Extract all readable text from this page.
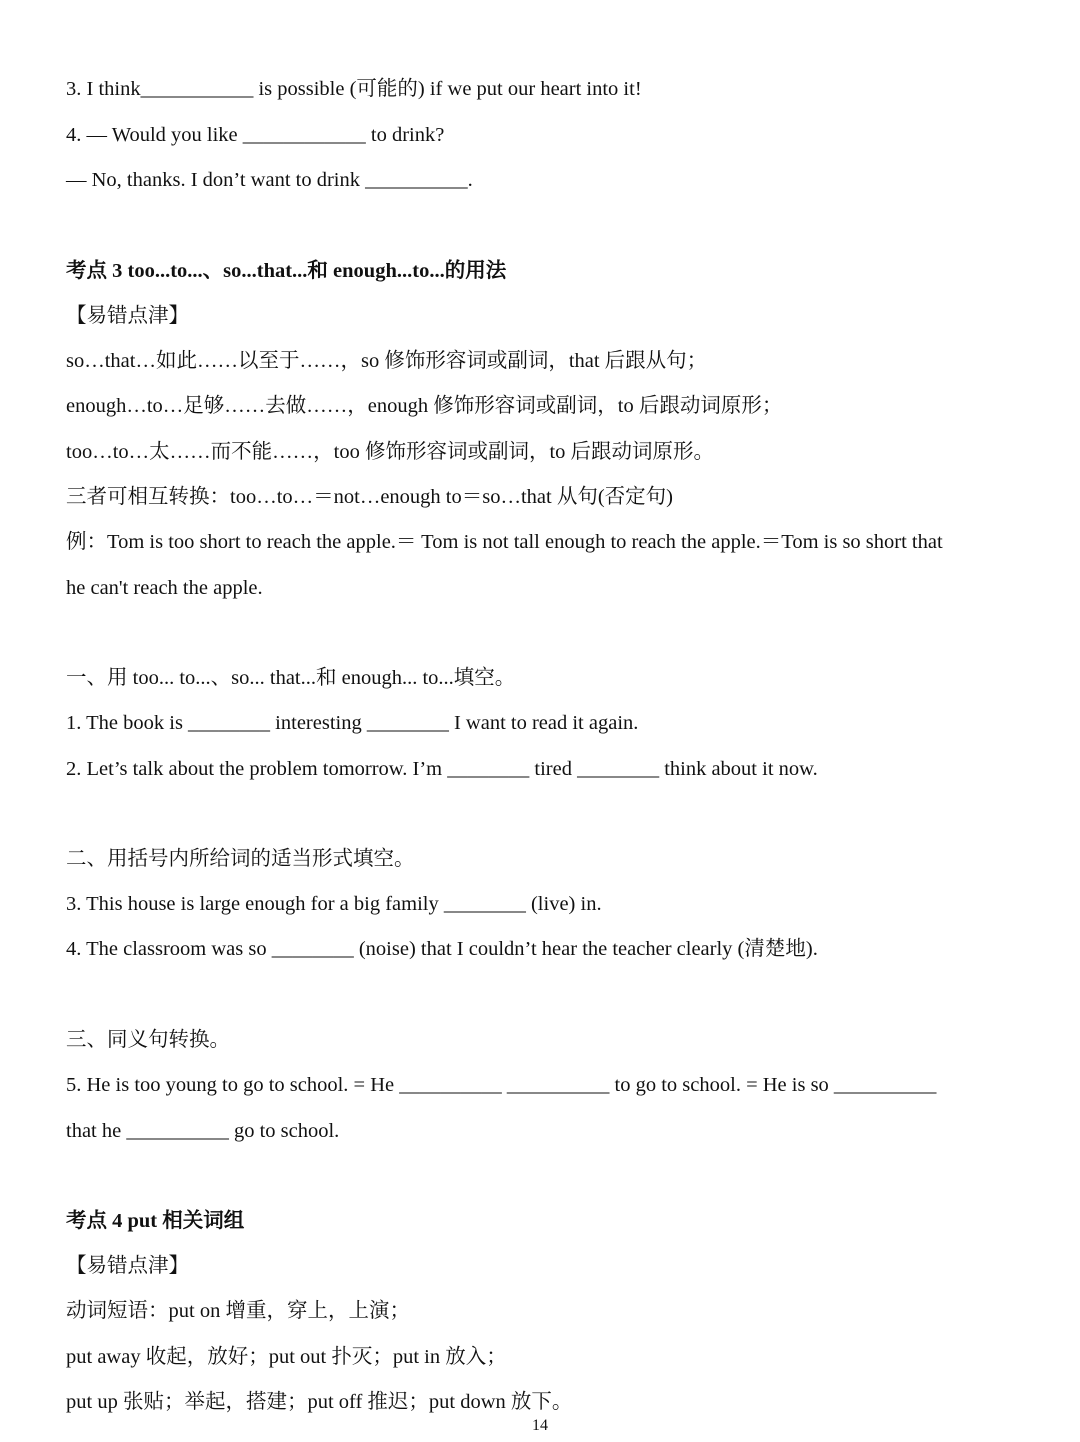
3. I think___________ is possible (可能的) if we put our heart into it!
4. — Would you like ____________ to drink?
— No, thanks. I don’t want to drink __________.
考点 3 too...to...、so...that...和 enough...to...的用法
【易错点津】
so…that…如此……以至于……，so 修饰形容词或副词，that 后跟从句；
enough…to…足够……去做……，enough 修饰形容词或副词，to 后跟动词原形；
too…to…太……而不能……，too 修饰形容词或副词，to 后跟动词原形。
三者可相互转换：too…to…＝not…enough to＝so…that 从句(否定句)
例：Tom is too short to reach the apple.＝ Tom is not tall enough to reach the apple.＝Tom is so short that
he can't reach the apple.
一、用 too... to...、so... that...和 enough... to...填空。
1. The book is ________ interesting ________ I want to read it again.
2. Let’s talk about the problem tomorrow. I’m ________ tired ________ think about it now.
二、用括号内所给词的适当形式填空。
3. This house is large enough for a big family ________ (live) in.
4. The classroom was so ________ (noise) that I couldn’t hear the teacher clearly (清楚地).
三、同义句转换。
5. He is too young to go to school. = He __________ __________ to go to school. = He is so __________
that he __________ go to school.
考点 4 put 相关词组
【易错点津】
动词短语：put on 增重，穿上，上演；
put away 收起，放好；put out 扑灭；put in 放入；
put up 张贴；举起，搭建；put off 推迟；put down 放下。
14
